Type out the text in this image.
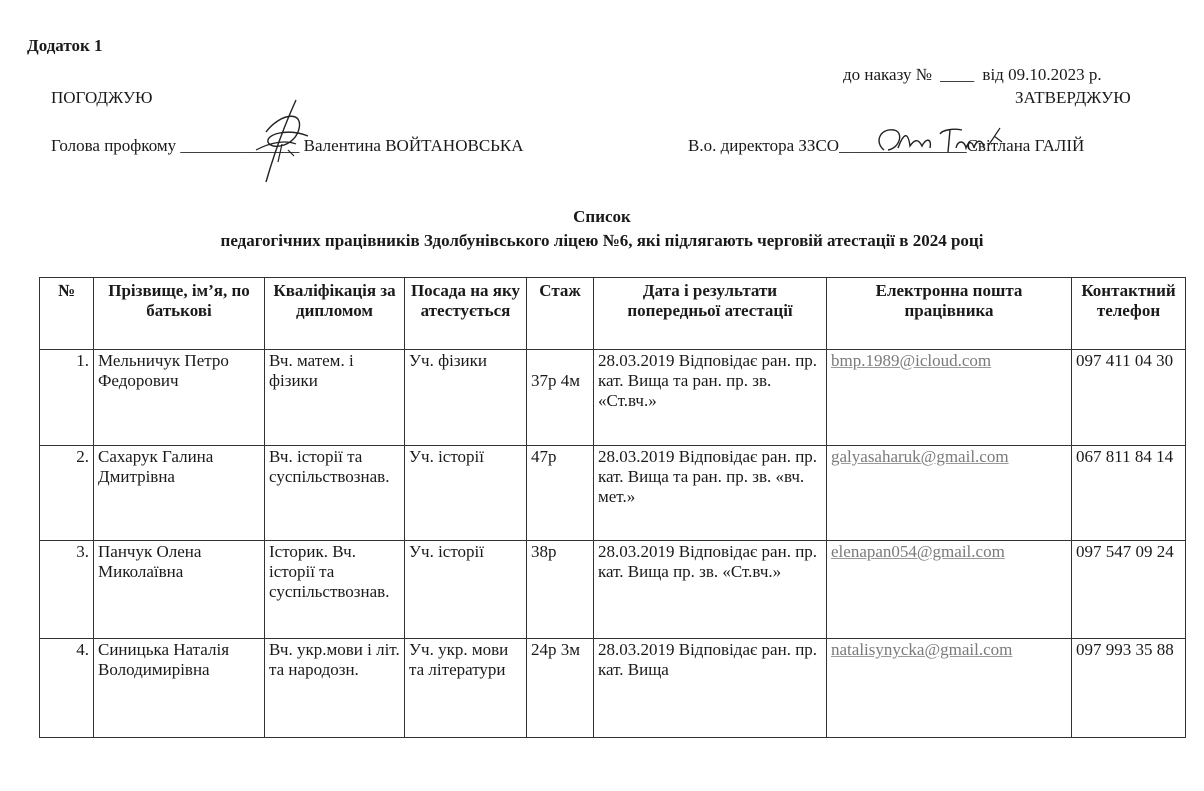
Додаток 1
до наказу № ____ від 09.10.2023 р.
ПОГОДЖУЮ	ЗАТВЕРДЖУЮ
Голова профкому ______________ Валентина ВОЙТАНОВСЬКА	В.о. директора ЗЗСО_______________Світлана ГАЛІЙ
Список
педагогічних працівників Здолбунівського ліцею №6, які підлягають черговій атестації в 2024 році
№	Прізвище, ім’я, по батькові	Кваліфікація за дипломом	Посада на яку атестується	Стаж	Дата і результати попередньої атестації	Електронна пошта працівника	Контактний телефон
1.	Мельничук Петро Федорович	Вч. матем. і фізики	Уч. фізики	37р 4м	28.03.2019 Відповідає ран. пр. кат. Вища та ран. пр. зв. «Ст.вч.»	bmp.1989@icloud.com	097 411 04 30
2.	Сахарук Галина Дмитрівна	Вч. історії та суспільствознав.	Уч. історії	47р	28.03.2019 Відповідає ран. пр. кат. Вища та ран. пр. зв. «вч. мет.»	galyasaharuk@gmail.com	067 811 84 14
3.	Панчук Олена Миколаївна	Історик. Вч. історії та суспільствознав.	Уч. історії	38р	28.03.2019 Відповідає ран. пр. кат. Вища пр. зв. «Ст.вч.»	elenapan054@gmail.com	097 547 09 24
4.	Синицька Наталія Володимирівна	Вч. укр.мови і літ. та народозн.	Уч. укр. мови та літератури	24р 3м	28.03.2019 Відповідає ран. пр. кат. Вища	natalisynycka@gmail.com	097 993 35 88
